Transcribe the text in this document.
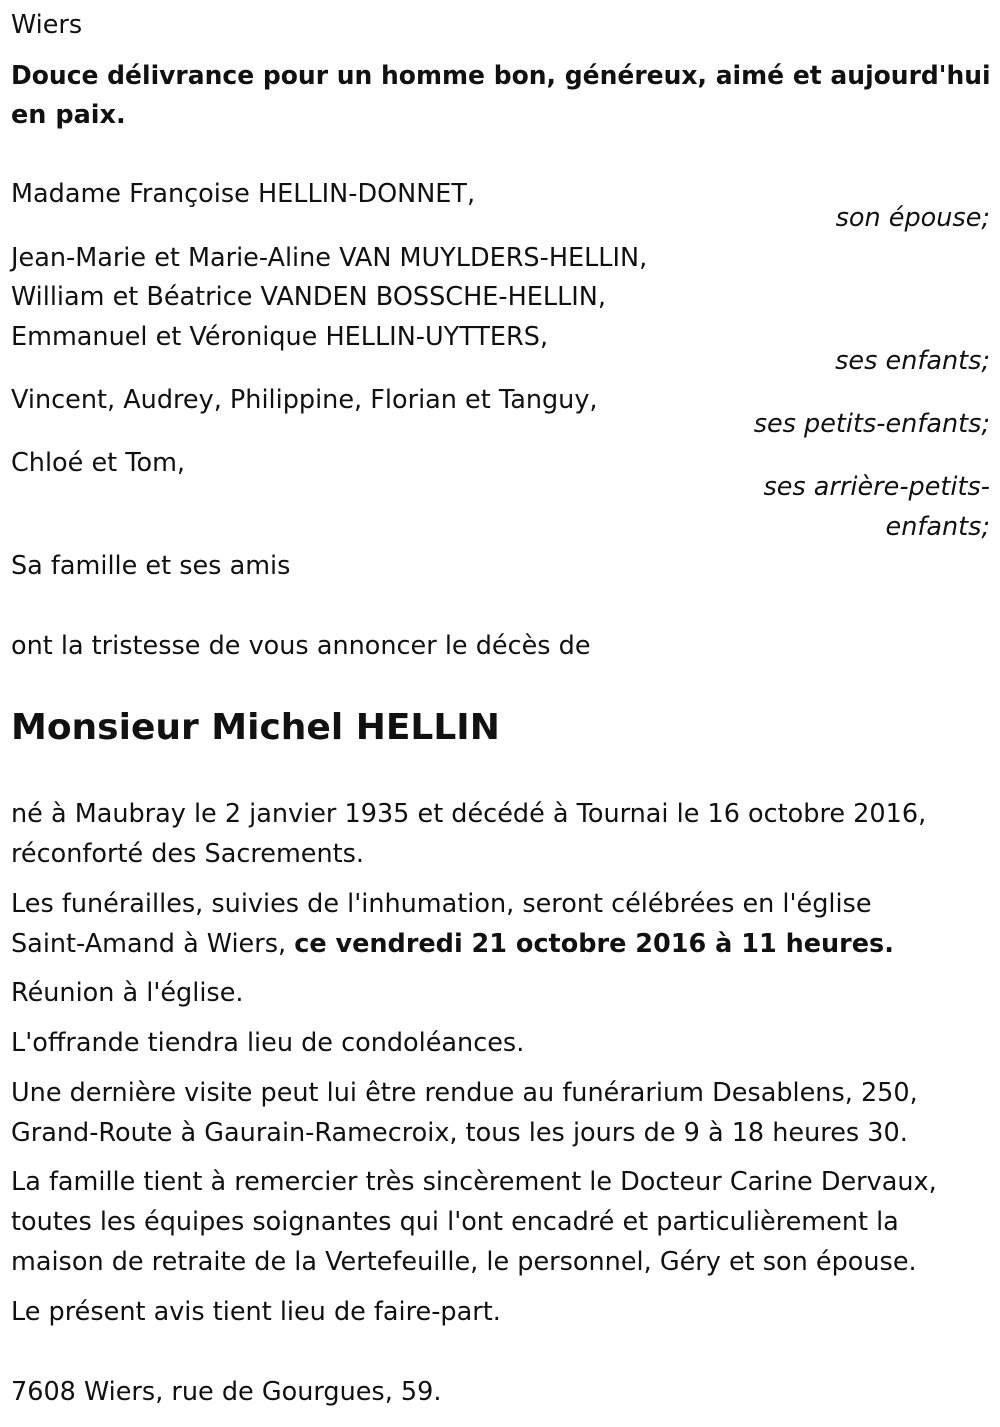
Wiers
Douce délivrance pour un homme bon, généreux, aimé et aujourd'hui
en paix.
Madame Françoise HELLIN-DONNET,
son épouse;
Jean-Marie et Marie-Aline VAN MUYLDERS-HELLIN,
William et Béatrice VANDEN BOSSCHE-HELLIN,
Emmanuel et Véronique HELLIN-UYTTERS,
ses enfants;
Vincent, Audrey, Philippine, Florian et Tanguy,
ses petits-enfants;
Chloé et Tom,
ses arrière-petits-
enfants;
Sa famille et ses amis
ont la tristesse de vous annoncer le décès de
Monsieur Michel HELLIN
né à Maubray le 2 janvier 1935 et décédé à Tournai le 16 octobre 2016,
réconforté des Sacrements.
Les funérailles, suivies de l'inhumation, seront célébrées en l'église
Saint-Amand à Wiers, ce vendredi 21 octobre 2016 à 11 heures.
Réunion à l'église.
L'offrande tiendra lieu de condoléances.
Une dernière visite peut lui être rendue au funérarium Desablens, 250,
Grand-Route à Gaurain-Ramecroix, tous les jours de 9 à 18 heures 30.
La famille tient à remercier très sincèrement le Docteur Carine Dervaux,
toutes les équipes soignantes qui l'ont encadré et particulièrement la
maison de retraite de la Vertefeuille, le personnel, Géry et son épouse.
Le présent avis tient lieu de faire-part.
7608 Wiers, rue de Gourgues, 59.
